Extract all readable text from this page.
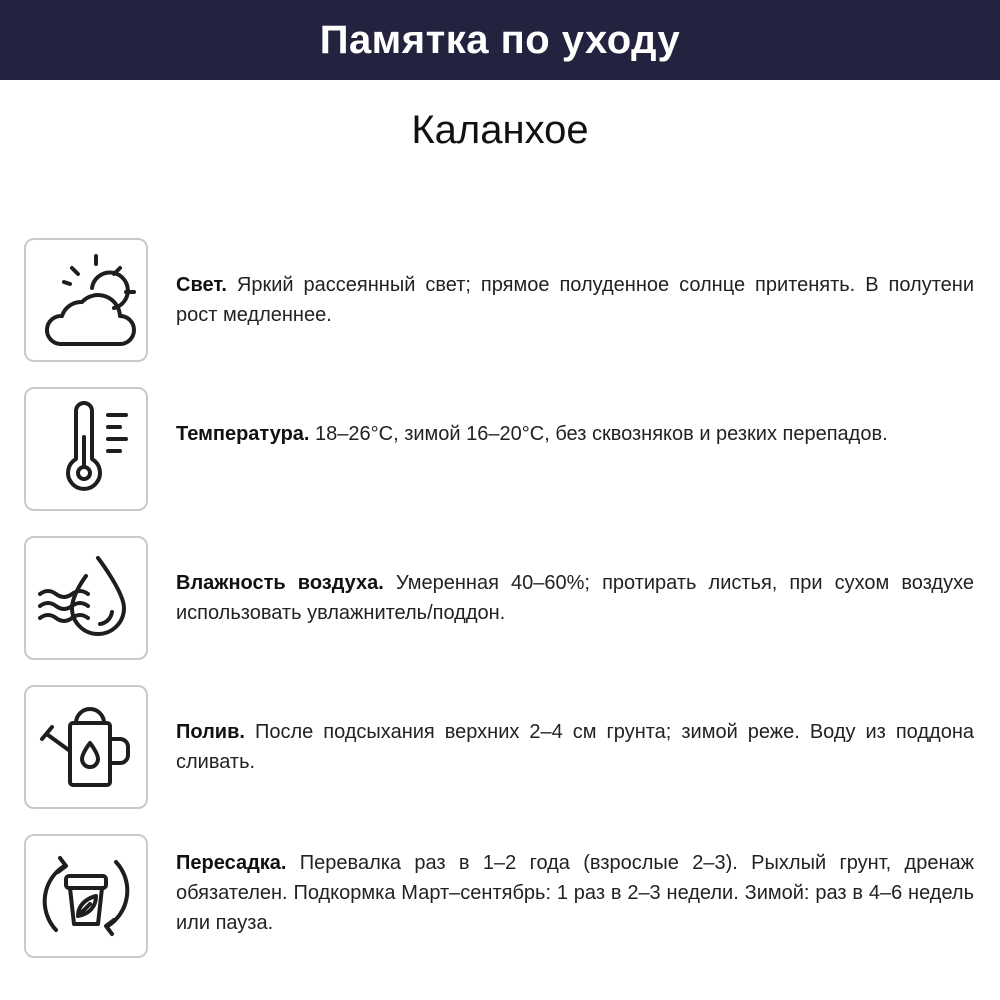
Памятка по уходу
Каланхое
Свет. Яркий рассеянный свет; прямое полуденное солнце притенять. В полутени рост медленнее.
Температура. 18–26°C, зимой 16–20°C, без сквозняков и резких перепадов.
Влажность воздуха. Умеренная 40–60%; протирать листья, при сухом воздухе использовать увлажнитель/поддон.
Полив. После подсыхания верхних 2–4 см грунта; зимой реже. Воду из поддона сливать.
Пересадка. Перевалка раз в 1–2 года (взрослые 2–3). Рыхлый грунт, дренаж обязателен. Подкормка Март–сентябрь: 1 раз в 2–3 недели. Зимой: раз в 4–6 недель или пауза.
